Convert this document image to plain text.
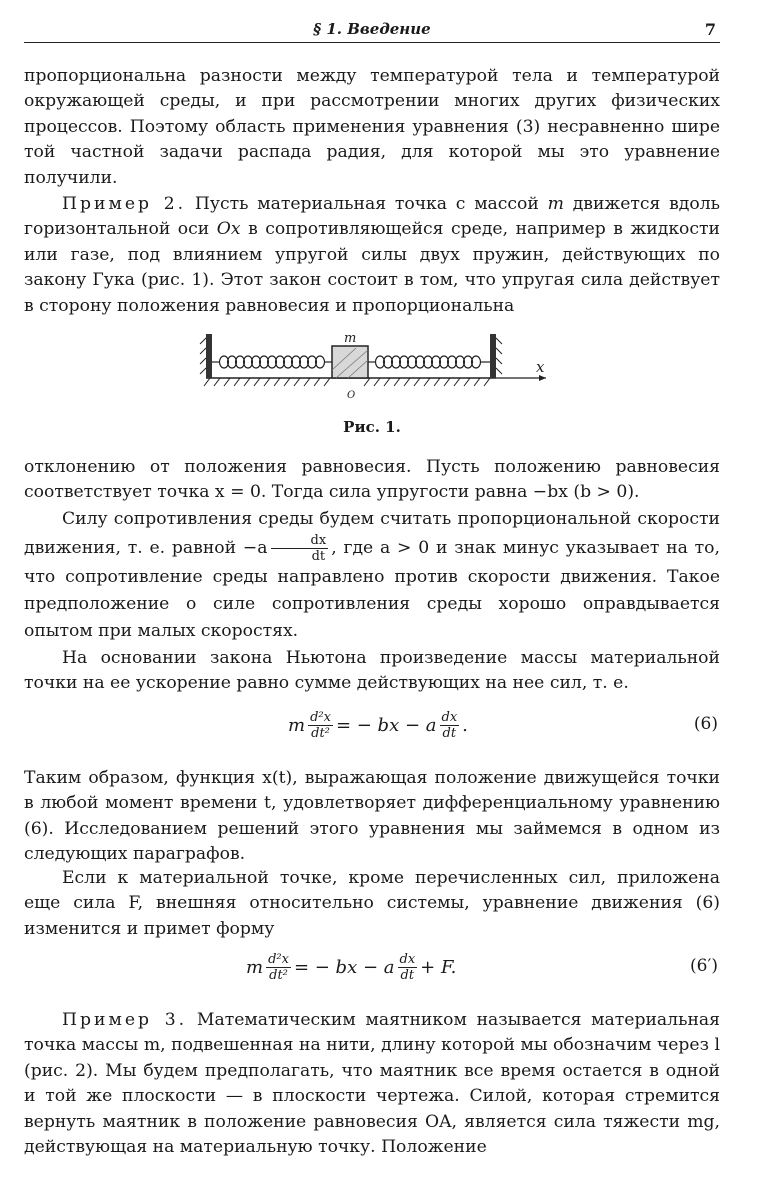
§ 1. Введение	7

пропорциональна разности между температурой тела и температурой окружающей среды, и при рассмотрении многих других физических процессов. Поэтому область применения уравнения (3) несравненно шире той частной задачи распада радия, для которой мы это уравнение получили.

Пример 2. Пусть материальная точка с массой m движется вдоль горизонтальной оси Ox в сопротивляющейся среде, например в жидкости или газе, под влиянием упругой силы двух пружин, действующих по закону Гука (рис. 1). Этот закон состоит в том, что упругая сила действует в сторону положения равновесия и пропорциональна

m
x
O
Рис. 1.

отклонению от положения равновесия. Пусть положению равновесия соответствует точка x = 0. Тогда сила упругости равна −bx (b > 0).

Силу сопротивления среды будем считать пропорциональной скорости движения, т. е. равной $-a \frac{dx}{dt}$ , где a > 0 и знак минус указывает на то, что сопротивление среды направлено против скорости движения. Такое предположение о силе сопротивления среды хорошо оправдывается опытом при малых скоростях.

На основании закона Ньютона произведение массы материальной точки на ее ускорение равно сумме действующих на нее сил, т. е.

m $\frac{\text{d²x}}{\text{dt²}}$ = − bx − a $\frac{dx}{dt}$ .	(6)

Таким образом, функция x(t), выражающая положение движущейся точки в любой момент времени t, удовлетворяет дифференциальному уравнению (6). Исследованием решений этого уравнения мы займемся в одном из следующих параграфов.

Если к материальной точке, кроме перечисленных сил, приложена еще сила F, внешняя относительно системы, уравнение движения (6) изменится и примет форму

m $\frac{\text{d²x}}{\text{dt²}}$ = − bx − a $\frac{dx}{dt} + F$.	(6′)

Пример 3. Математическим маятником называется материальная точка массы m, подвешенная на нити, длину которой мы обозначим через l (рис. 2). Мы будем предполагать, что маятник все время остается в одной и той же плоскости — в плоскости чертежа. Силой, которая стремится вернуть маятник в положение равновесия OA, является сила тяжести mg, действующая на материальную точку. Положение
